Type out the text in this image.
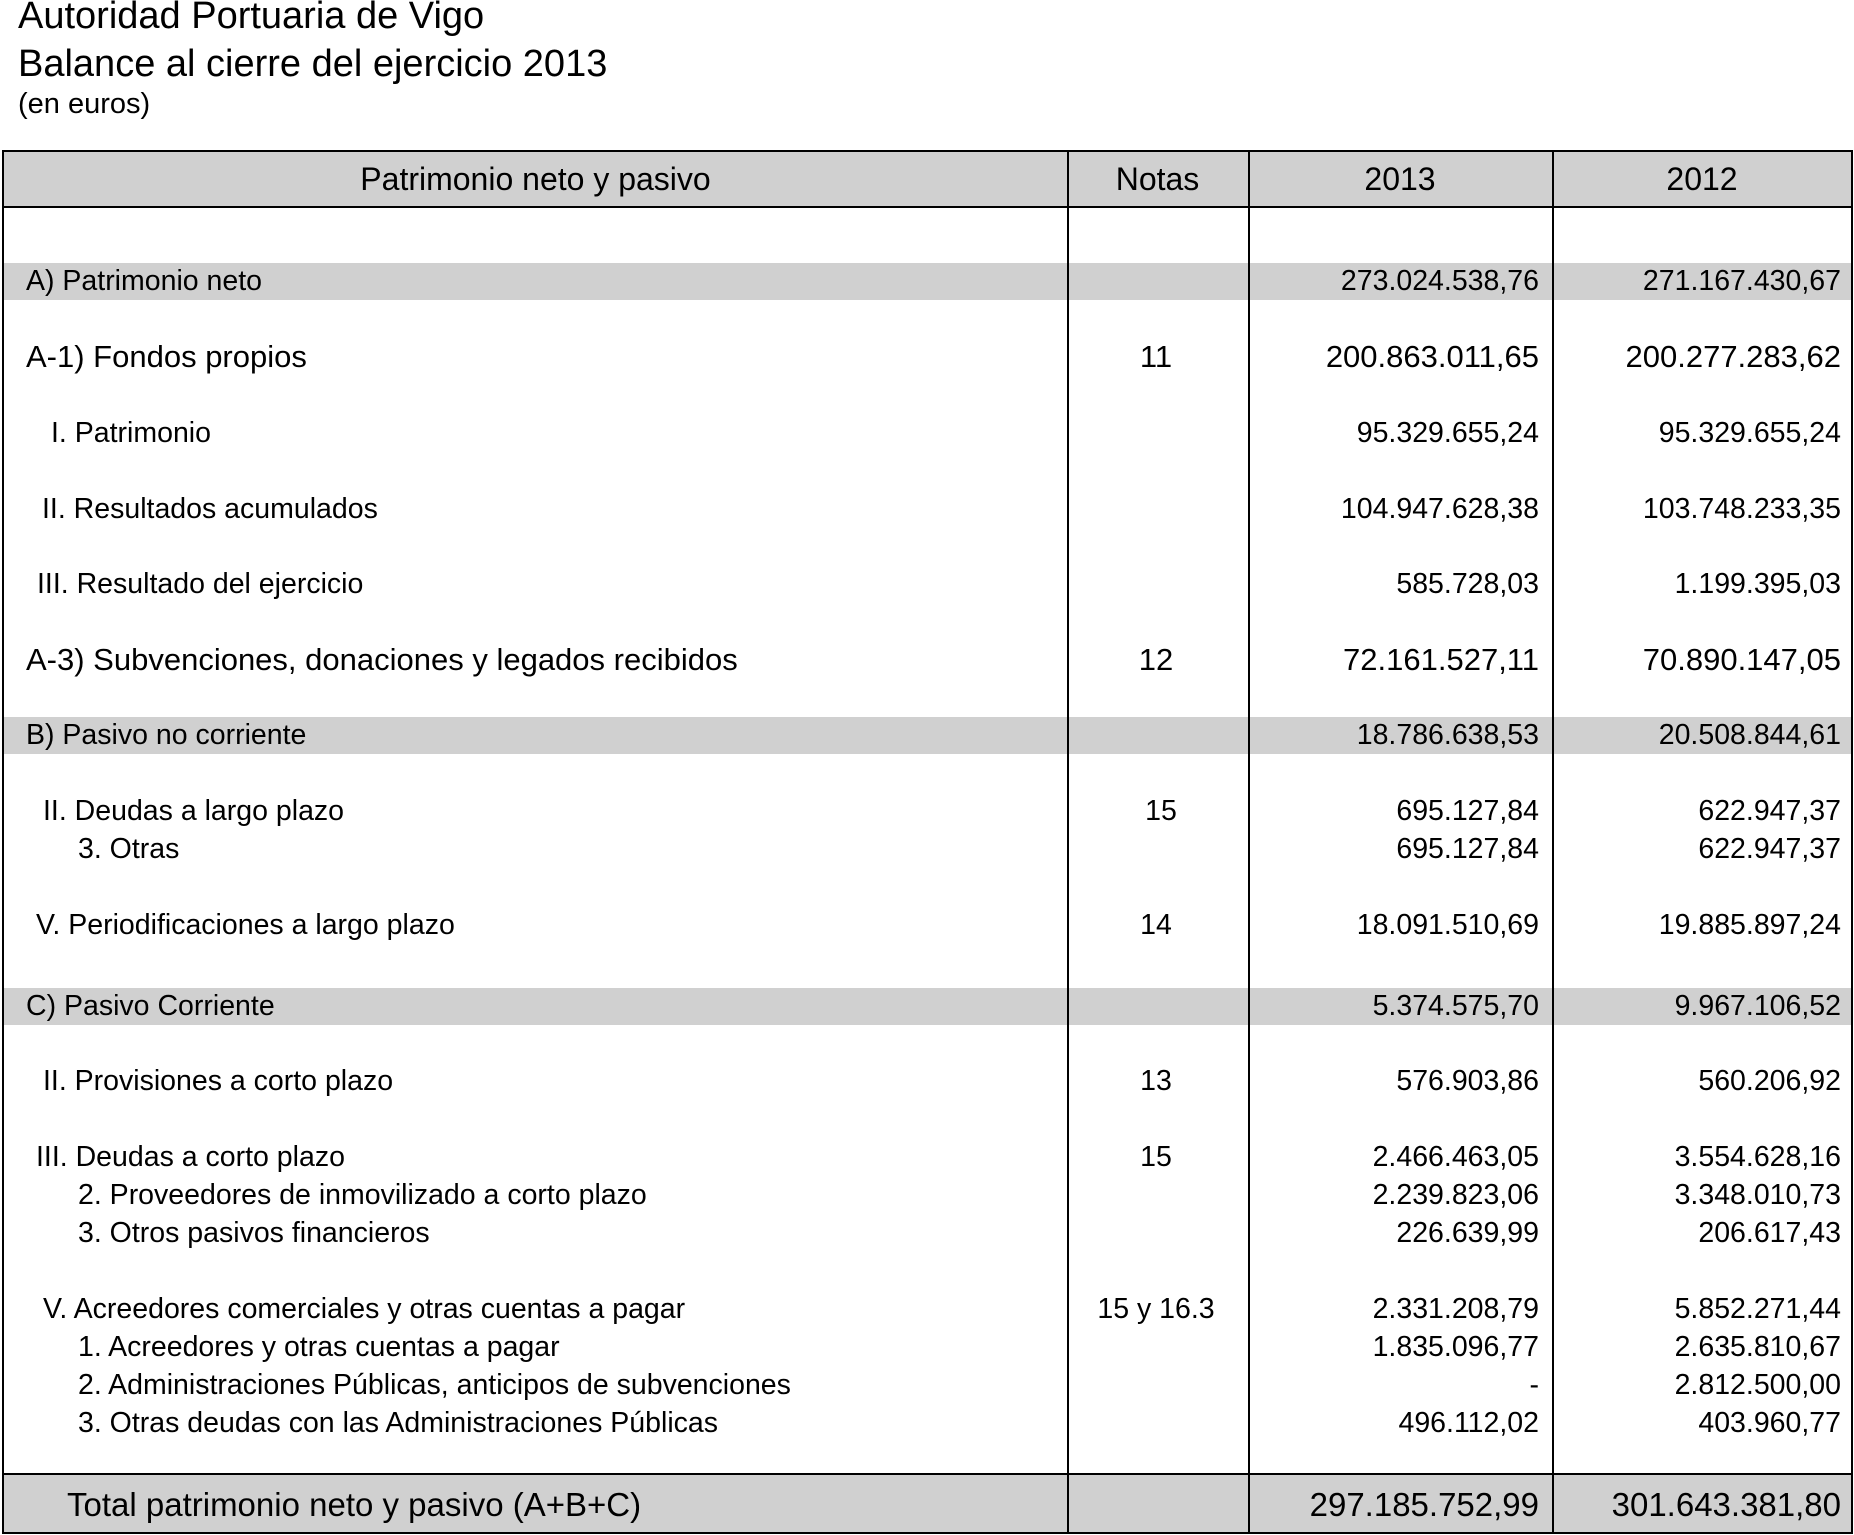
Autoridad Portuaria de Vigo
Balance al cierre del ejercicio 2013
(en euros)
Patrimonio neto y pasivo	Notas	2013	2012
A) Patrimonio neto	273.024.538,76	271.167.430,67
A-1) Fondos propios	11	200.863.011,65	200.277.283,62
I. Patrimonio	95.329.655,24	95.329.655,24
II. Resultados acumulados	104.947.628,38	103.748.233,35
III. Resultado del ejercicio	585.728,03	1.199.395,03
A-3) Subvenciones, donaciones y legados recibidos	12	72.161.527,11	70.890.147,05
B) Pasivo no corriente	18.786.638,53	20.508.844,61
II. Deudas a largo plazo	15	695.127,84	622.947,37
3. Otras	695.127,84	622.947,37
V. Periodificaciones a largo plazo	14	18.091.510,69	19.885.897,24
C) Pasivo Corriente	5.374.575,70	9.967.106,52
II. Provisiones a corto plazo	13	576.903,86	560.206,92
III. Deudas a corto plazo	15	2.466.463,05	3.554.628,16
2. Proveedores de inmovilizado a corto plazo	2.239.823,06	3.348.010,73
3. Otros pasivos financieros	226.639,99	206.617,43
V. Acreedores comerciales y otras cuentas a pagar	15 y 16.3	2.331.208,79	5.852.271,44
1. Acreedores y otras cuentas a pagar	1.835.096,77	2.635.810,67
2. Administraciones Públicas, anticipos de subvenciones	-	2.812.500,00
3. Otras deudas con las Administraciones Públicas	496.112,02	403.960,77
Total patrimonio neto y pasivo (A+B+C)	297.185.752,99	301.643.381,80
